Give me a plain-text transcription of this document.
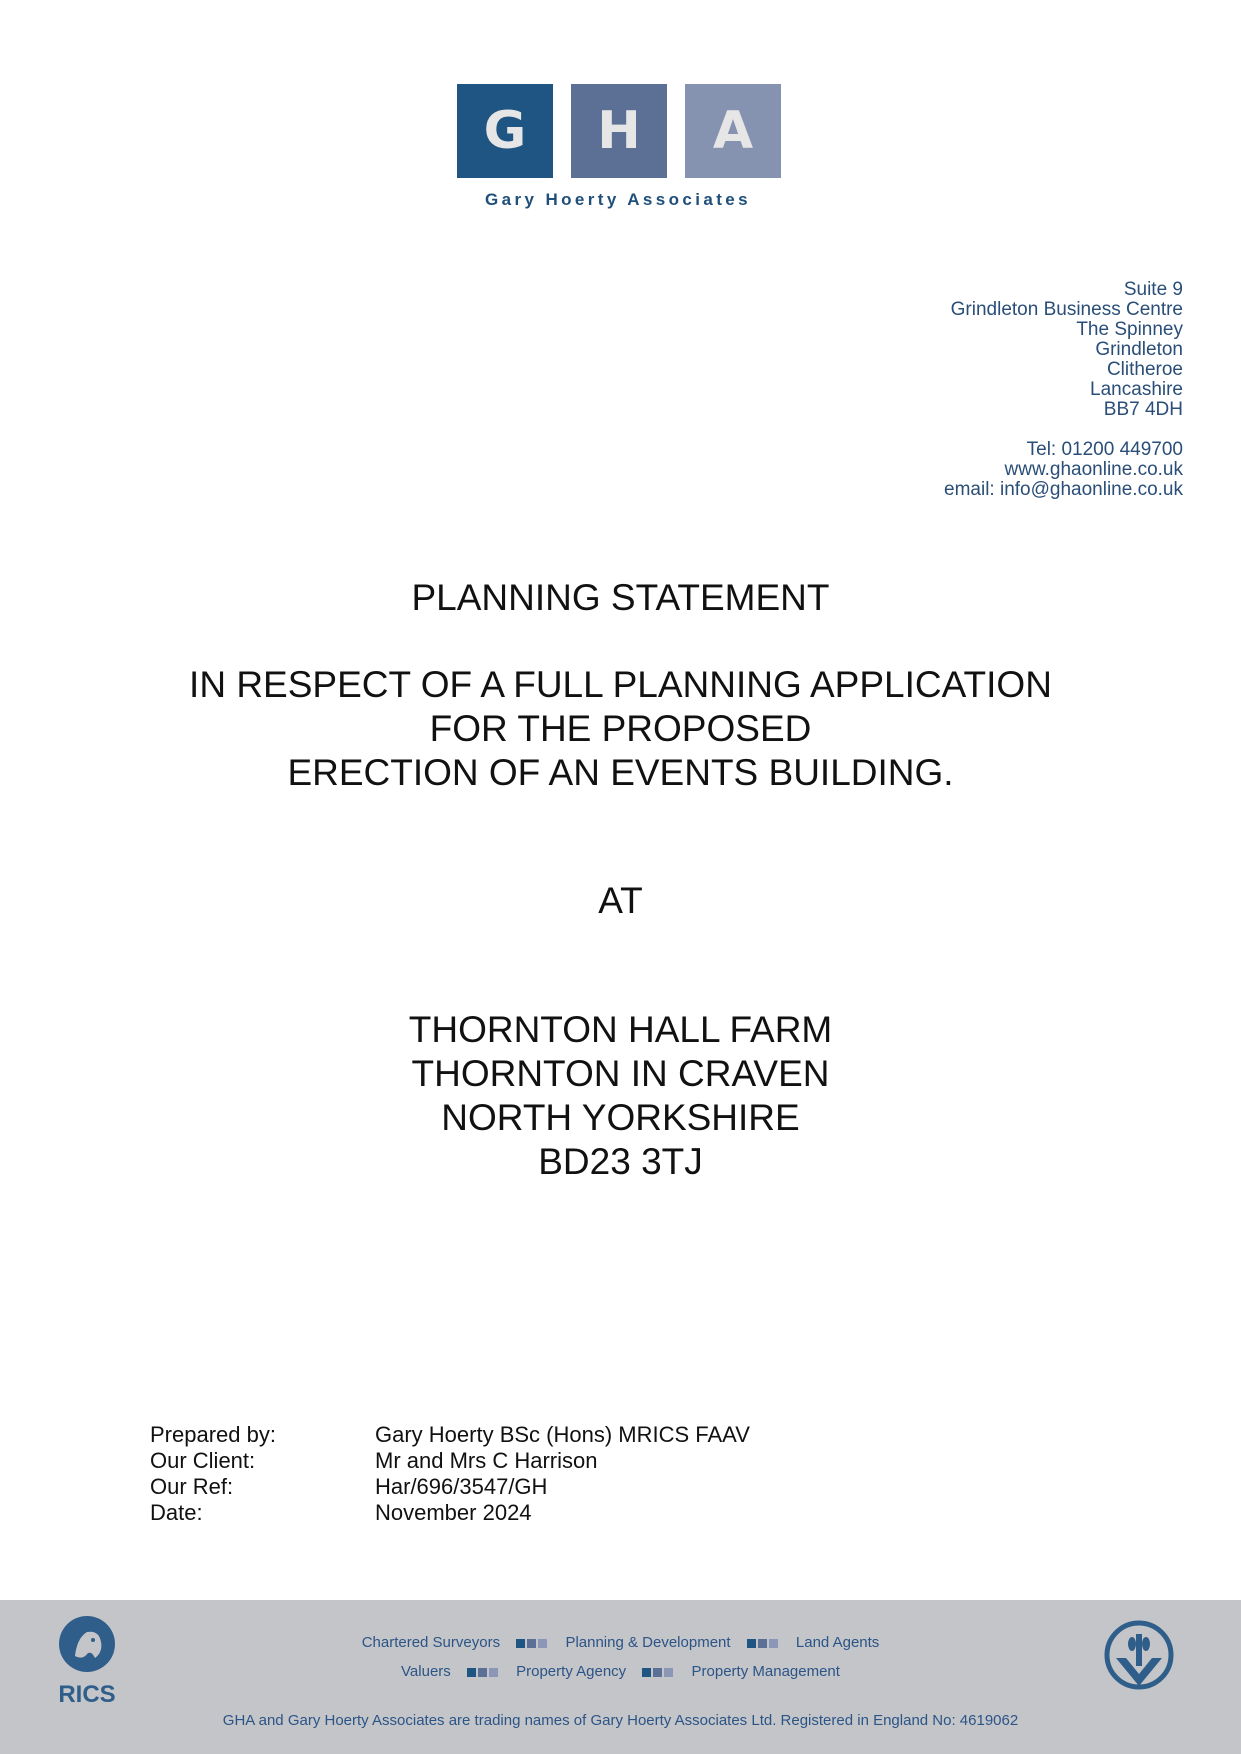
G	H	A
Gary Hoerty Associates
Suite 9
Grindleton Business Centre
The Spinney
Grindleton
Clitheroe
Lancashire
BB7 4DH
Tel: 01200 449700
www.ghaonline.co.uk
email: info@ghaonline.co.uk
PLANNING STATEMENT
IN RESPECT OF A FULL PLANNING APPLICATION
FOR THE PROPOSED
ERECTION OF AN EVENTS BUILDING.
AT
THORNTON HALL FARM
THORNTON IN CRAVEN
NORTH YORKSHIRE
BD23 3TJ
Prepared by:	Gary Hoerty BSc (Hons) MRICS FAAV
Our Client:	Mr and Mrs C Harrison
Our Ref:	Har/696/3547/GH
Date:	November 2024
RICS
Chartered Surveyors	Planning & Development	Land Agents
Valuers	Property Agency	Property Management
GHA and Gary Hoerty Associates are trading names of Gary Hoerty Associates Ltd. Registered in England No: 4619062
